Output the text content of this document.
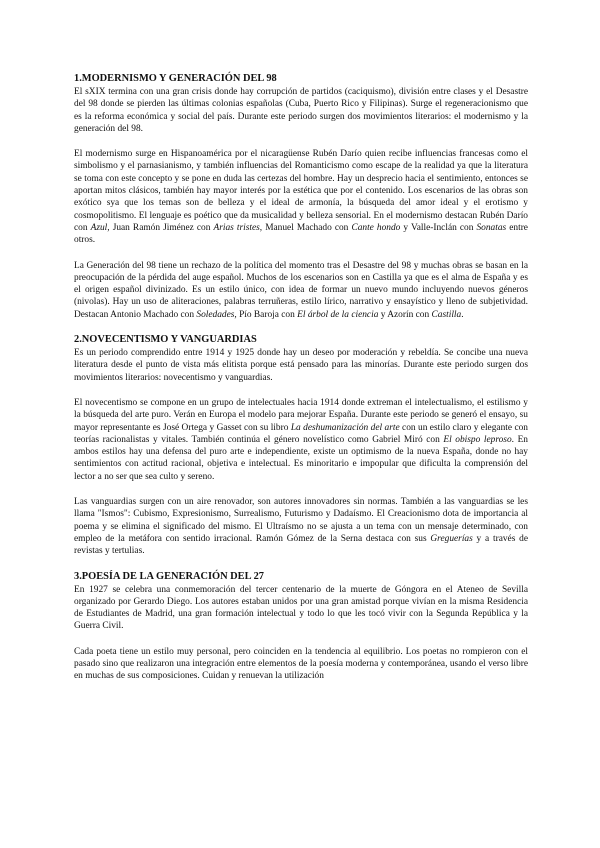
1.MODERNISMO Y GENERACIÓN DEL 98

El sXIX termina con una gran crisis donde hay corrupción de partidos (caciquismo), división entre clases y el Desastre del 98 donde se pierden las últimas colonias españolas (Cuba, Puerto Rico y Filipinas). Surge el regeneracionismo que es la reforma económica y social del país. Durante este periodo surgen dos movimientos literarios: el modernismo y la generación del 98.

El modernismo surge en Hispanoamérica por el nicaragüense Rubén Darío quien recibe influencias francesas como el simbolismo y el parnasianismo, y también influencias del Romanticismo como escape de la realidad ya que la literatura se toma con este concepto y se pone en duda las certezas del hombre. Hay un desprecio hacia el sentimiento, entonces se aportan mitos clásicos, también hay mayor interés por la estética que por el contenido. Los escenarios de las obras son exótico sya que los temas son de belleza y el ideal de armonía, la búsqueda del amor ideal y el erotismo y cosmopolitismo. El lenguaje es poético que da musicalidad y belleza sensorial. En el modernismo destacan Rubén Darío con Azul, Juan Ramón Jiménez con Arias tristes, Manuel Machado con Cante hondo y Valle-Inclán con Sonatas entre otros.

La Generación del 98 tiene un rechazo de la política del momento tras el Desastre del 98 y muchas obras se basan en la preocupación de la pérdida del auge español. Muchos de los escenarios son en Castilla ya que es el alma de España y es el origen español divinizado. Es un estilo único, con idea de formar un nuevo mundo incluyendo nuevos géneros (nivolas). Hay un uso de aliteraciones, palabras terruñeras, estilo lírico, narrativo y ensayístico y lleno de subjetividad. Destacan Antonio Machado con Soledades, Pío Baroja con El árbol de la ciencia y Azorín con Castilla.

2.NOVECENTISMO Y VANGUARDIAS

Es un periodo comprendido entre 1914 y 1925 donde hay un deseo por moderación y rebeldía. Se concibe una nueva literatura desde el punto de vista más elitista porque está pensado para las minorías. Durante este periodo surgen dos movimientos literarios: novecentismo y vanguardias.

El novecentismo se compone en un grupo de intelectuales hacia 1914 donde extreman el intelectualismo, el estilismo y la búsqueda del arte puro. Verán en Europa el modelo para mejorar España. Durante este periodo se generó el ensayo, su mayor representante es José Ortega y Gasset con su libro La deshumanización del arte con un estilo claro y elegante con teorías racionalistas y vitales. También continúa el género novelístico como Gabriel Miró con El obispo leproso. En ambos estilos hay una defensa del puro arte e independiente, existe un optimismo de la nueva España, donde no hay sentimientos con actitud racional, objetiva e intelectual. Es minoritario e impopular que dificulta la comprensión del lector a no ser que sea culto y sereno.

Las vanguardias surgen con un aire renovador, son autores innovadores sin normas. También a las vanguardias se les llama "Ismos": Cubismo, Expresionismo, Surrealismo, Futurismo y Dadaísmo. El Creacionismo dota de importancia al poema y se elimina el significado del mismo. El Ultraísmo no se ajusta a un tema con un mensaje determinado, con empleo de la metáfora con sentido irracional. Ramón Gómez de la Serna destaca con sus Greguerías y a través de revistas y tertulias.

3.POESÍA DE LA GENERACIÓN DEL 27

En 1927 se celebra una conmemoración del tercer centenario de la muerte de Góngora en el Ateneo de Sevilla organizado por Gerardo Diego. Los autores estaban unidos por una gran amistad porque vivían en la misma Residencia de Estudiantes de Madrid, una gran formación intelectual y todo lo que les tocó vivir con la Segunda República y la Guerra Civil.

Cada poeta tiene un estilo muy personal, pero coinciden en la tendencia al equilibrio. Los poetas no rompieron con el pasado sino que realizaron una integración entre elementos de la poesía moderna y contemporánea, usando el verso libre en muchas de sus composiciones. Cuidan y renuevan la utilización
